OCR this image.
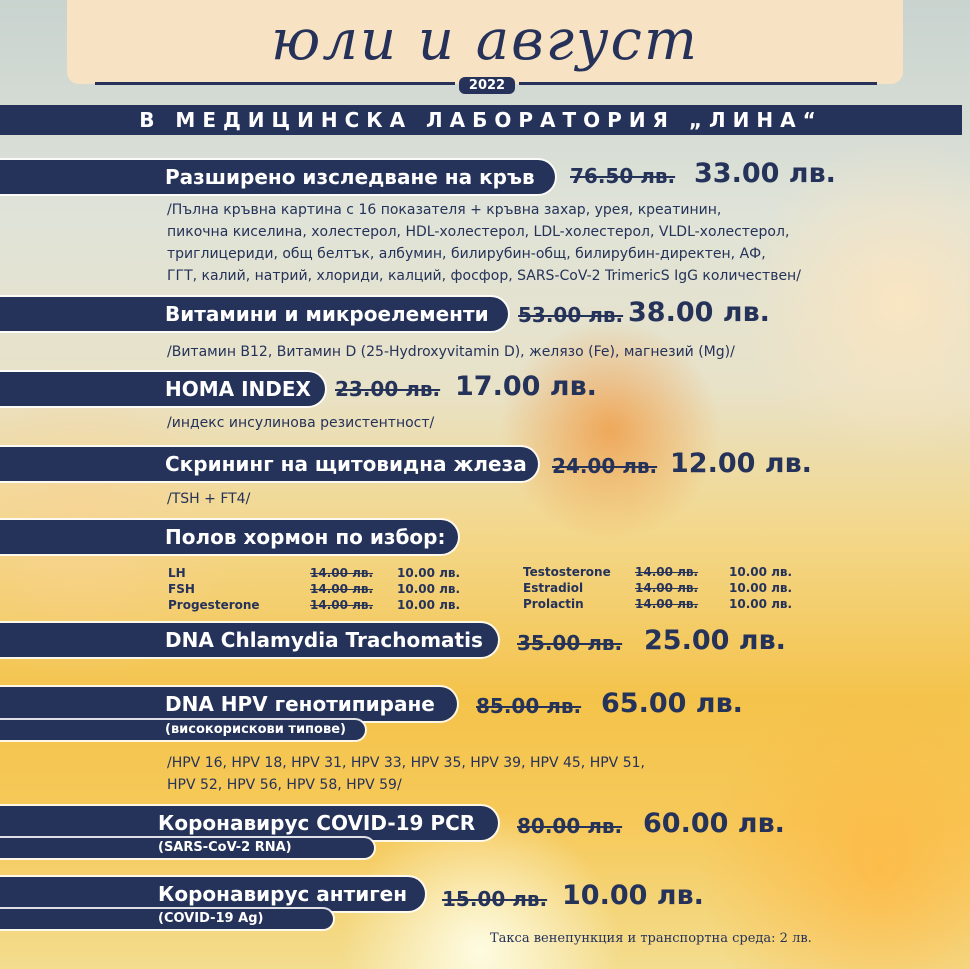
юли и август
2022
В МЕДИЦИНСКА ЛАБОРАТОРИЯ „ЛИНА“
Разширено изследване на кръв 76.50 лв. 33.00 лв.
/Пълна кръвна картина с 16 показателя + кръвна захар, урея, креатинин,
пикочна киселина, холестерол, HDL-холестерол, LDL-холестерол, VLDL-холестерол,
триглицериди, общ белтък, албумин, билирубин-общ, билирубин-директен, АФ,
ГГТ, калий, натрий, хлориди, калций, фосфор, SARS-CoV-2 TrimericS IgG количествен/
Витамини и микроелементи 53.00 лв. 38.00 лв.
/Витамин В12, Витамин D (25-Hydroxyvitamin D), желязо (Fe), магнезий (Mg)/
HOMA INDEX 23.00 лв. 17.00 лв.
/индекс инсулинова резистентност/
Скрининг на щитовидна жлеза 24.00 лв. 12.00 лв.
/TSH + FT4/
Полов хормон по избор:
LH	14.00 лв. 10.00 лв.
FSH	14.00 лв. 10.00 лв.
Progesterone	14.00 лв. 10.00 лв.
Testosterone 14.00 лв.	10.00 лв.
Estradiol	14.00 лв.	10.00 лв.
Prolactin	14.00 лв.	10.00 лв.
DNA Chlamydia Trachomatis 35.00 лв. 25.00 лв.
DNA HPV генотипиране
(високорискови типове)
85.00 лв. 65.00 лв.
/HPV 16, HPV 18, HPV 31, HPV 33, HPV 35, HPV 39, HPV 45, HPV 51,
HPV 52, HPV 56, HPV 58, HPV 59/
Коронавирус COVID-19 PCR
(SARS-CoV-2 RNA)
80.00 лв. 60.00 лв.
Коронавирус антиген
(COVID-19 Ag)
15.00 лв. 10.00 лв.
Такса венепункция и транспортна среда: 2 лв.
